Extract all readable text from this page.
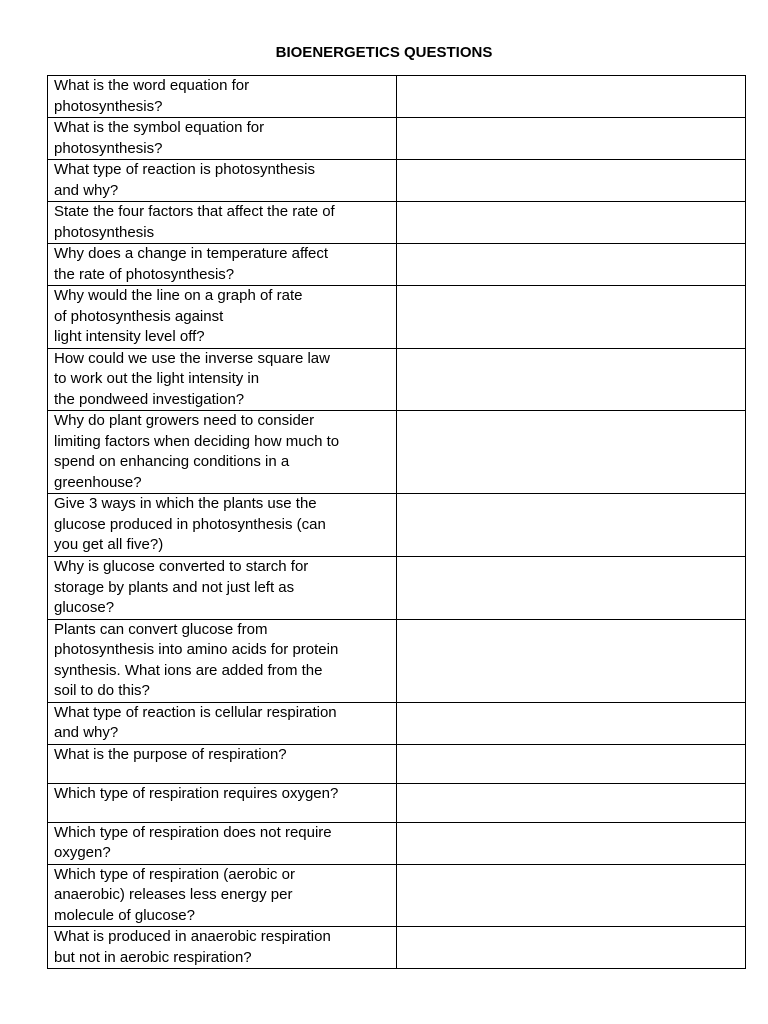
BIOENERGETICS QUESTIONS
What is the word equation for
photosynthesis?	
What is the symbol equation for
photosynthesis?	
What type of reaction is photosynthesis
and why?	
State the four factors that affect the rate of
photosynthesis	
Why does a change in temperature affect
the rate of photosynthesis?	
Why would the line on a graph of rate
of photosynthesis against
light intensity level off?	
How could we use the inverse square law
to work out the light intensity in
the pondweed investigation?	
Why do plant growers need to consider
limiting factors when deciding how much to
spend on enhancing conditions in a
greenhouse?	
Give 3 ways in which the plants use the
glucose produced in photosynthesis (can
you get all five?)	
Why is glucose converted to starch for
storage by plants and not just left as
glucose?	
Plants can convert glucose from
photosynthesis into amino acids for protein
synthesis. What ions are added from the
soil to do this?	
What type of reaction is cellular respiration
and why?	
What is the purpose of respiration?	
Which type of respiration requires oxygen?	
Which type of respiration does not require
oxygen?	
Which type of respiration (aerobic or
anaerobic) releases less energy per
molecule of glucose?	
What is produced in anaerobic respiration
but not in aerobic respiration?	
